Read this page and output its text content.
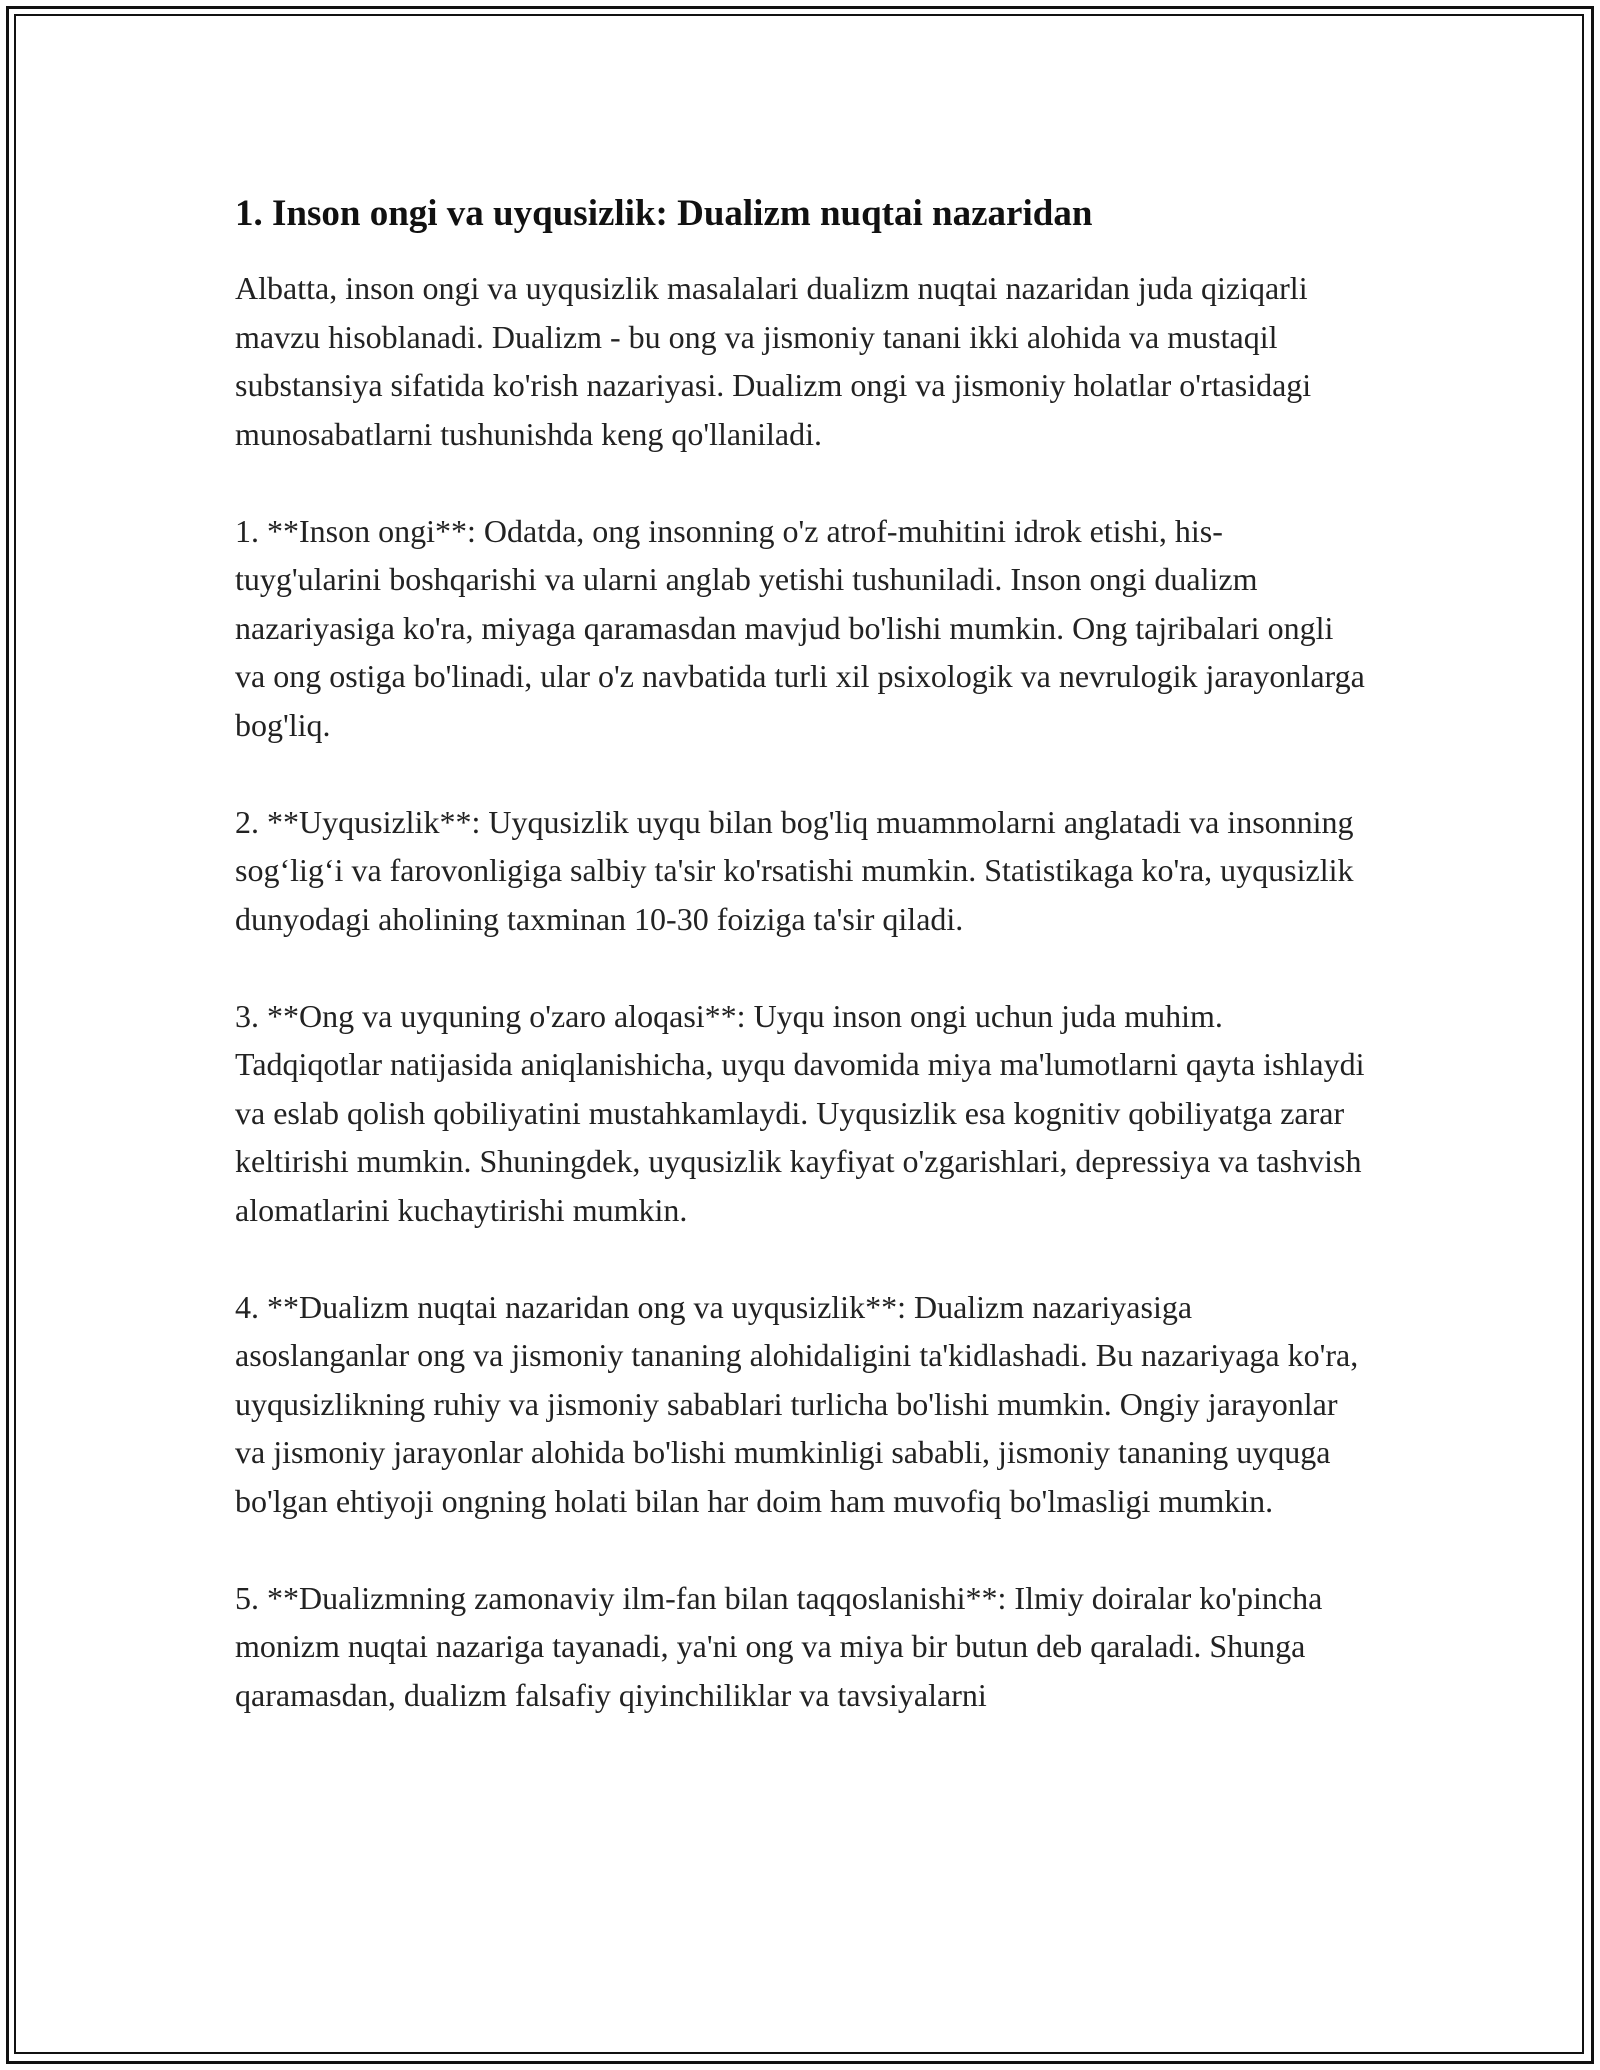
1. Inson ongi va uyqusizlik: Dualizm nuqtai nazaridan

Albatta, inson ongi va uyqusizlik masalalari dualizm nuqtai nazaridan juda qiziqarli mavzu hisoblanadi. Dualizm - bu ong va jismoniy tanani ikki alohida va mustaqil substansiya sifatida ko'rish nazariyasi. Dualizm ongi va jismoniy holatlar o'rtasidagi munosabatlarni tushunishda keng qo'llaniladi.

1. **Inson ongi**: Odatda, ong insonning o'z atrof-muhitini idrok etishi, his-tuyg'ularini boshqarishi va ularni anglab yetishi tushuniladi. Inson ongi dualizm nazariyasiga ko'ra, miyaga qaramasdan mavjud bo'lishi mumkin. Ong tajribalari ongli va ong ostiga bo'linadi, ular o'z navbatida turli xil psixologik va nevrulogik jarayonlarga bog'liq.

2. **Uyqusizlik**: Uyqusizlik uyqu bilan bog'liq muammolarni anglatadi va insonning sog‘lig‘i va farovonligiga salbiy ta'sir ko'rsatishi mumkin. Statistikaga ko'ra, uyqusizlik dunyodagi aholining taxminan 10-30 foiziga ta'sir qiladi.

3. **Ong va uyquning o'zaro aloqasi**: Uyqu inson ongi uchun juda muhim. Tadqiqotlar natijasida aniqlanishicha, uyqu davomida miya ma'lumotlarni qayta ishlaydi va eslab qolish qobiliyatini mustahkamlaydi. Uyqusizlik esa kognitiv qobiliyatga zarar keltirishi mumkin. Shuningdek, uyqusizlik kayfiyat o'zgarishlari, depressiya va tashvish alomatlarini kuchaytirishi mumkin.

4. **Dualizm nuqtai nazaridan ong va uyqusizlik**: Dualizm nazariyasiga asoslanganlar ong va jismoniy tananing alohidaligini ta'kidlashadi. Bu nazariyaga ko'ra, uyqusizlikning ruhiy va jismoniy sabablari turlicha bo'lishi mumkin. Ongiy jarayonlar va jismoniy jarayonlar alohida bo'lishi mumkinligi sababli, jismoniy tananing uyquga bo'lgan ehtiyoji ongning holati bilan har doim ham muvofiq bo'lmasligi mumkin.

5. **Dualizmning zamonaviy ilm-fan bilan taqqoslanishi**: Ilmiy doiralar ko'pincha monizm nuqtai nazariga tayanadi, ya'ni ong va miya bir butun deb qaraladi. Shunga qaramasdan, dualizm falsafiy qiyinchiliklar va tavsiyalarni
